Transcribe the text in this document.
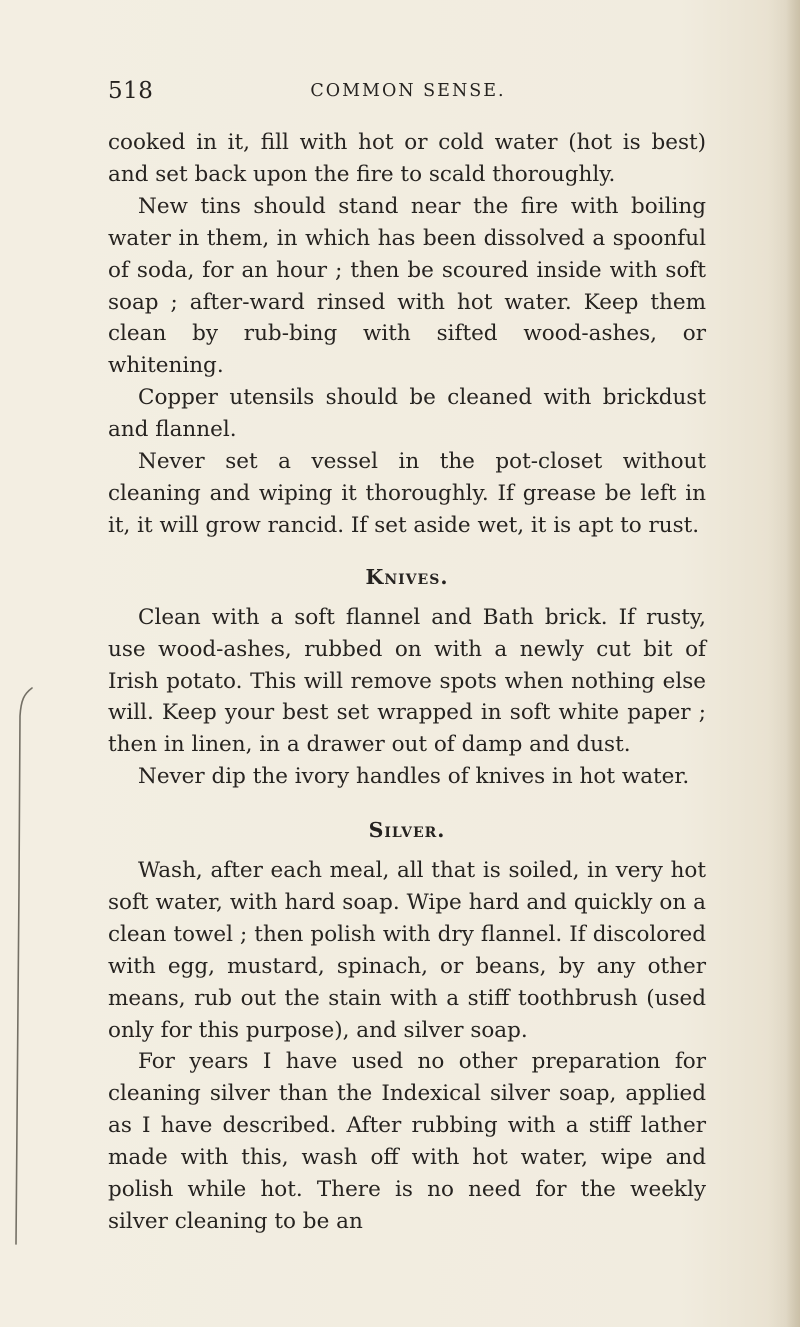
518	COMMON SENSE.

cooked in it, fill with hot or cold water (hot is best) and set back upon the fire to scald thoroughly.

New tins should stand near the fire with boiling water in them, in which has been dissolved a spoonful of soda, for an hour ; then be scoured inside with soft soap ; after-ward rinsed with hot water. Keep them clean by rub-bing with sifted wood-ashes, or whitening.

Copper utensils should be cleaned with brickdust and flannel.

Never set a vessel in the pot-closet without cleaning and wiping it thoroughly. If grease be left in it, it will grow rancid. If set aside wet, it is apt to rust.

Knives.

Clean with a soft flannel and Bath brick. If rusty, use wood-ashes, rubbed on with a newly cut bit of Irish potato. This will remove spots when nothing else will. Keep your best set wrapped in soft white paper ; then in linen, in a drawer out of damp and dust.

Never dip the ivory handles of knives in hot water.

Silver.

Wash, after each meal, all that is soiled, in very hot soft water, with hard soap. Wipe hard and quickly on a clean towel ; then polish with dry flannel. If discolored with egg, mustard, spinach, or beans, by any other means, rub out the stain with a stiff toothbrush (used only for this purpose), and silver soap.

For years I have used no other preparation for cleaning silver than the Indexical silver soap, applied as I have described. After rubbing with a stiff lather made with this, wash off with hot water, wipe and polish while hot. There is no need for the weekly silver cleaning to be an
